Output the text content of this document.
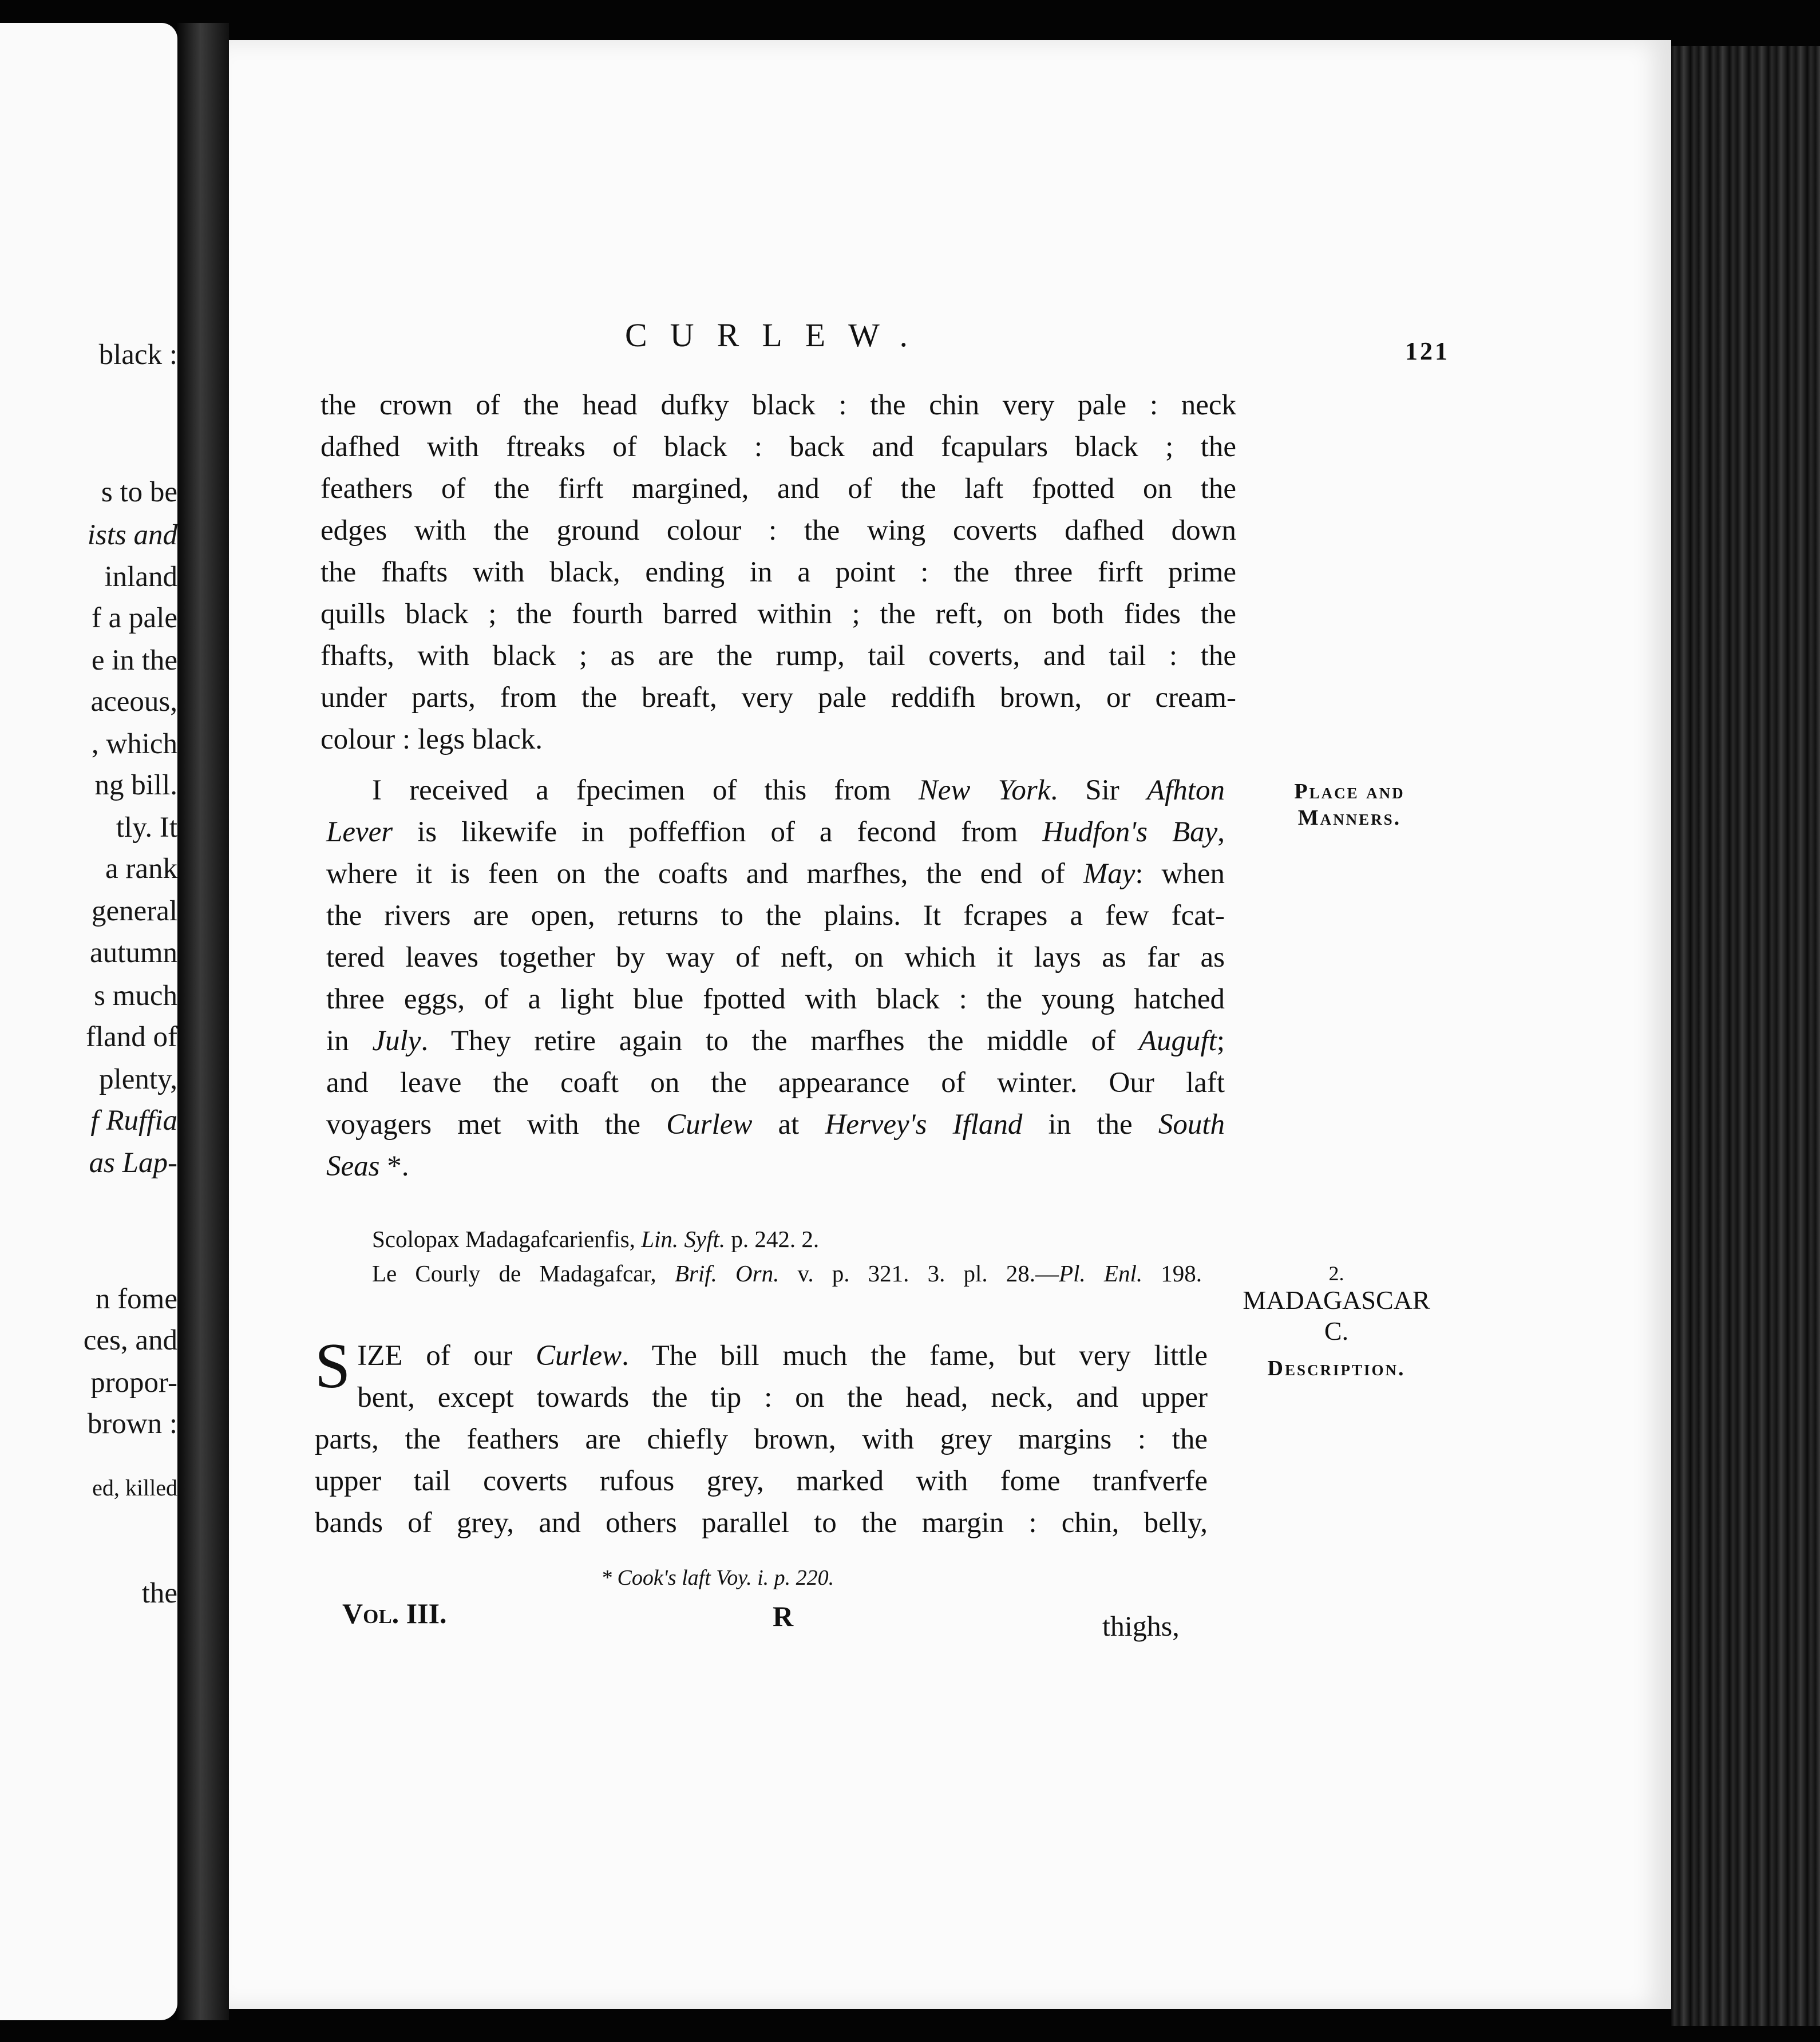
black :
s to be
ists and
inland
f a pale
e in the
aceous,
, which
ng bill.
tly. It
a rank
general
autumn
s much
fland of
plenty,
f Ruffia
as Lap-
n fome
ces, and
propor-
brown :
ed, killed
the
CURLEW.	121
the crown of the head dufky black : the chin very pale : neck
dafhed with ftreaks of black : back and fcapulars black ; the
feathers of the firft margined, and of the laft fpotted on the
edges with the ground colour : the wing coverts dafhed down
the fhafts with black, ending in a point : the three firft prime
quills black ; the fourth barred within ; the reft, on both fides the
fhafts, with black ; as are the rump, tail coverts, and tail : the
under parts, from the breaft, very pale reddifh brown, or cream-
colour : legs black.
I received a fpecimen of this from New York. Sir Afhton
Lever is likewife in poffeffion of a fecond from Hudfon's Bay,
where it is feen on the coafts and marfhes, the end of May: when
the rivers are open, returns to the plains. It fcrapes a few fcat-
tered leaves together by way of neft, on which it lays as far as
three eggs, of a light blue fpotted with black : the young hatched
in July. They retire again to the marfhes the middle of Auguft;
and leave the coaft on the appearance of winter. Our laft
voyagers met with the Curlew at Hervey's Ifland in the South
Seas *.
Scolopax Madagafcarienfis, Lin. Syft. p. 242. 2.
Le Courly de Madagafcar, Brif. Orn. v. p. 321. 3. pl. 28.—Pl. Enl. 198.
S IZE of our Curlew. The bill much the fame, but very little
bent, except towards the tip : on the head, neck, and upper
parts, the feathers are chiefly brown, with grey margins : the
upper tail coverts rufous grey, marked with fome tranfverfe
bands of grey, and others parallel to the margin : chin, belly,
Place and
Manners.
2.
MADAGASCAR
C.
Description.
* Cook's laft Voy. i. p. 220.
Vol. III.	R	thighs,
